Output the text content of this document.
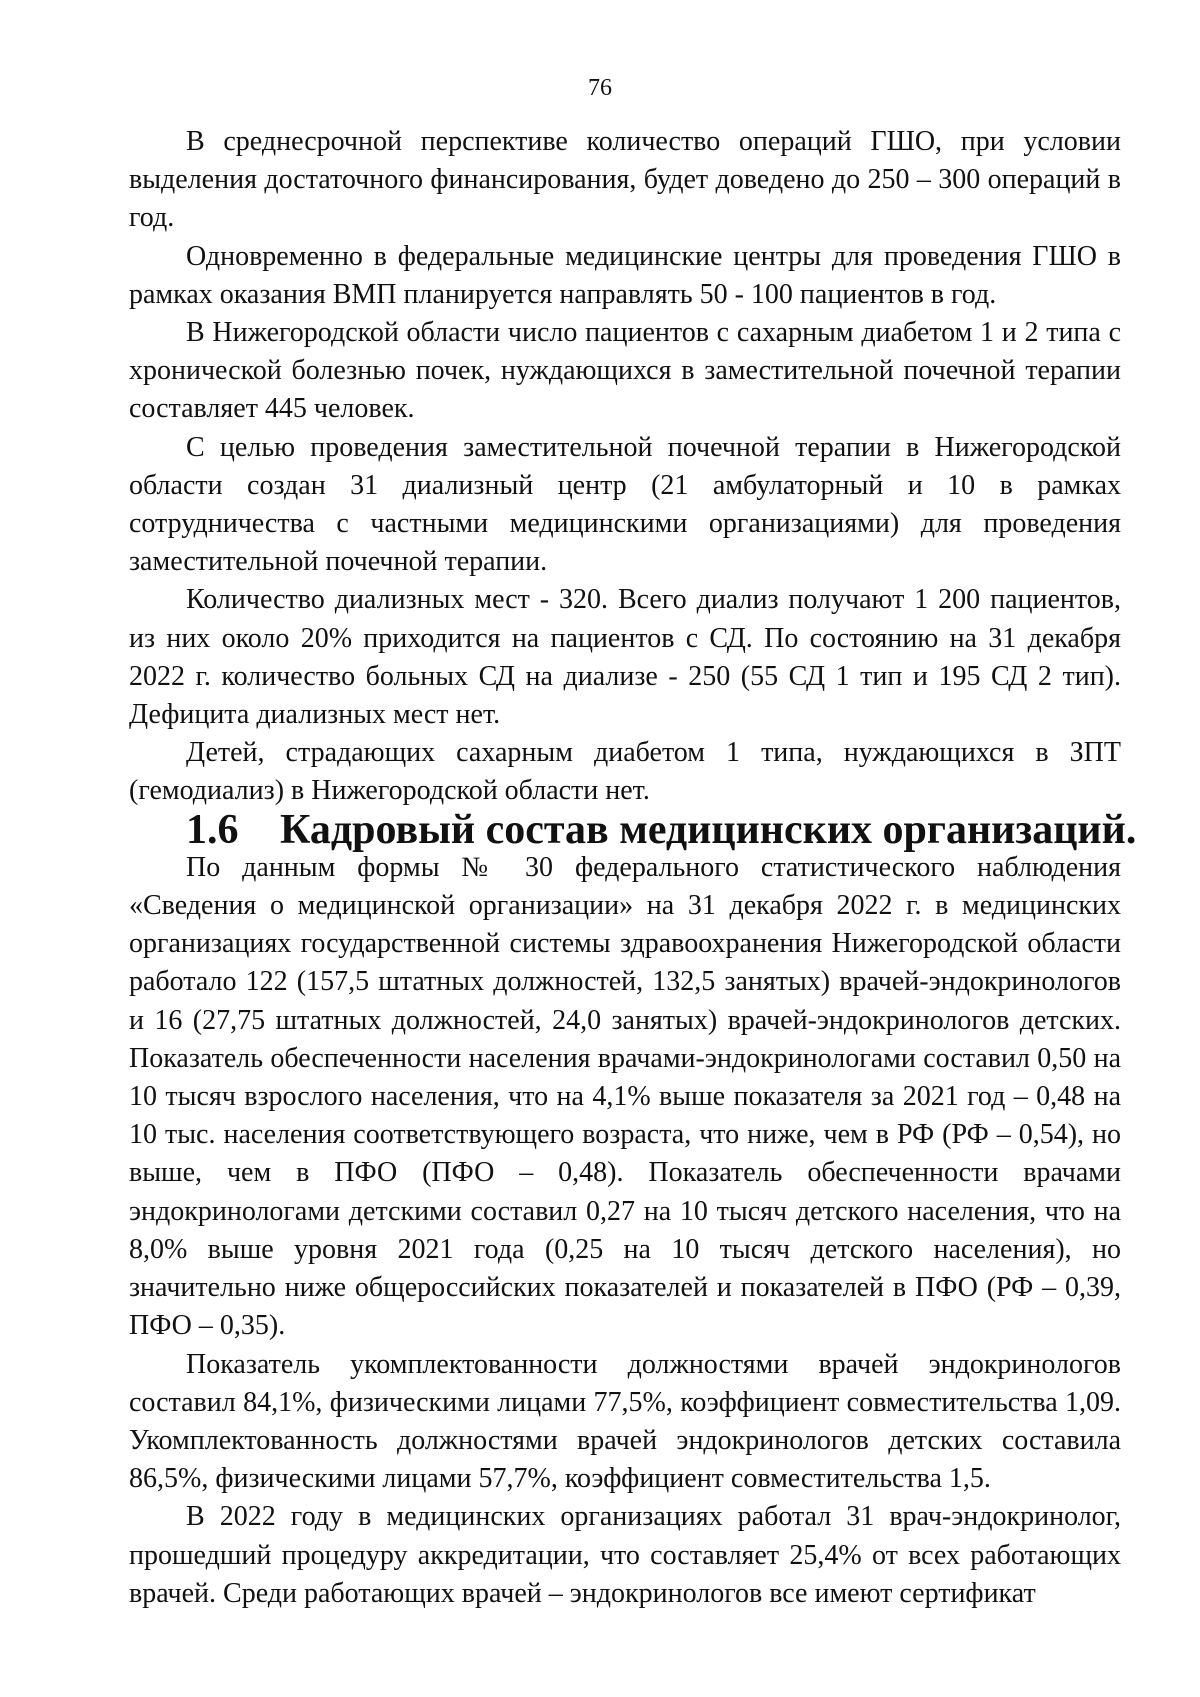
76

В среднесрочной перспективе количество операций ГШО, при условии выделения достаточного финансирования, будет доведено до 250 – 300 операций в год.

Одновременно в федеральные медицинские центры для проведения ГШО в рамках оказания ВМП планируется направлять 50 - 100 пациентов в год.

В Нижегородской области число пациентов с сахарным диабетом 1 и 2 типа с хронической болезнью почек, нуждающихся в заместительной почечной терапии составляет 445 человек.

С целью проведения заместительной почечной терапии в Нижегородской области создан 31 диализный центр (21 амбулаторный и 10 в рамках сотрудничества с частными медицинскими организациями) для проведения заместительной почечной терапии.

Количество диализных мест - 320. Всего диализ получают 1 200 пациентов, из них около 20% приходится на пациентов с СД. По состоянию на 31 декабря 2022 г. количество больных СД на диализе - 250 (55 СД 1 тип и 195 СД 2 тип). Дефицита диализных мест нет.

Детей, страдающих сахарным диабетом 1 типа, нуждающихся в ЗПТ (гемодиализ) в Нижегородской области нет.

1.6 Кадровый состав медицинских организаций.

По данным формы № 30 федерального статистического наблюдения «Сведения о медицинской организации» на 31 декабря 2022 г. в медицинских организациях государственной системы здравоохранения Нижегородской области работало 122 (157,5 штатных должностей, 132,5 занятых) врачей-эндокринологов и 16 (27,75 штатных должностей, 24,0 занятых) врачей-эндокринологов детских. Показатель обеспеченности населения врачами-эндокринологами составил 0,50 на 10 тысяч взрослого населения, что на 4,1% выше показателя за 2021 год – 0,48 на 10 тыс. населения соответствующего возраста, что ниже, чем в РФ (РФ – 0,54), но выше, чем в ПФО (ПФО – 0,48). Показатель обеспеченности врачами эндокринологами детскими составил 0,27 на 10 тысяч детского населения, что на 8,0% выше уровня 2021 года (0,25 на 10 тысяч детского населения), но значительно ниже общероссийских показателей и показателей в ПФО (РФ – 0,39, ПФО – 0,35).

Показатель укомплектованности должностями врачей эндокринологов составил 84,1%, физическими лицами 77,5%, коэффициент совместительства 1,09. Укомплектованность должностями врачей эндокринологов детских составила 86,5%, физическими лицами 57,7%, коэффициент совместительства 1,5.

В 2022 году в медицинских организациях работал 31 врач-эндокринолог, прошедший процедуру аккредитации, что составляет 25,4% от всех работающих врачей. Среди работающих врачей – эндокринологов все имеют сертификат
